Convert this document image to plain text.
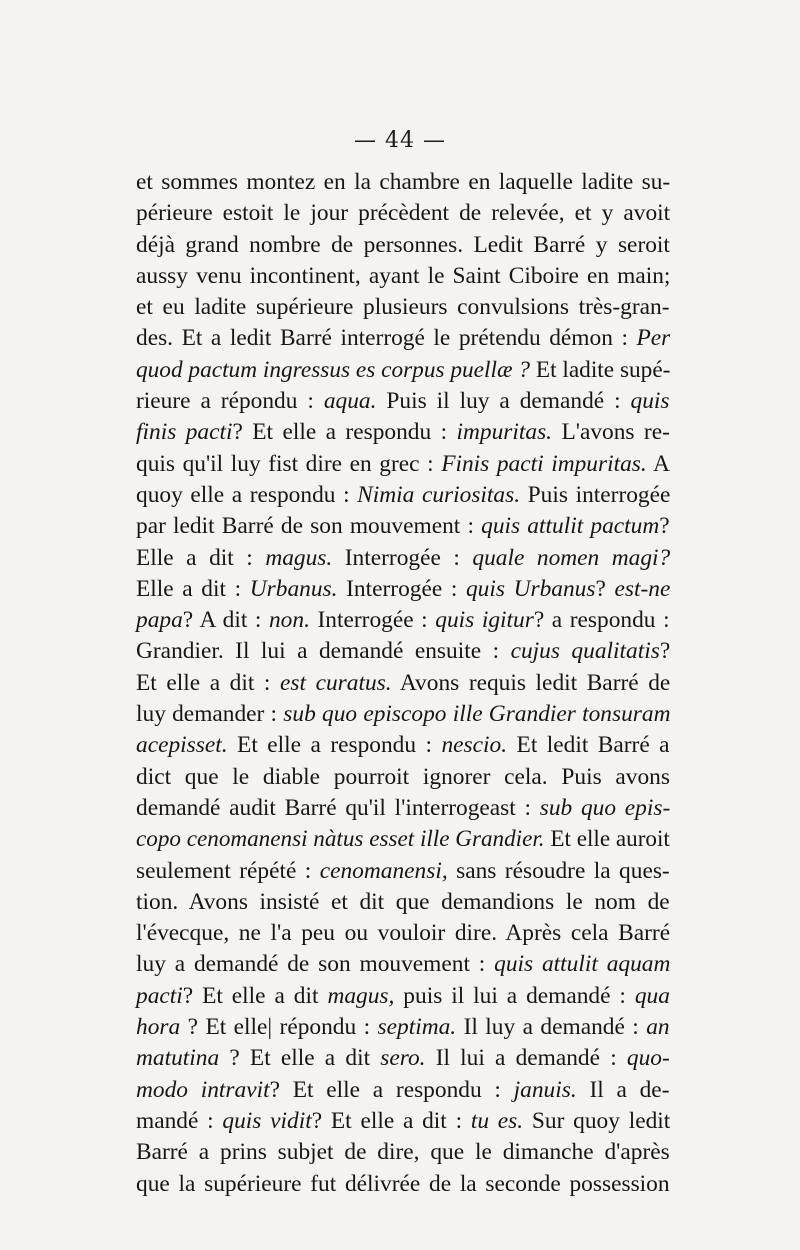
— 44 —
et sommes montez en la chambre en laquelle ladite su-
périeure estoit le jour précèdent de relevée, et y avoit
déjà grand nombre de personnes. Ledit Barré y seroit
aussy venu incontinent, ayant le Saint Ciboire en main;
et eu ladite supérieure plusieurs convulsions très-gran-
des. Et a ledit Barré interrogé le prétendu démon : Per
quod pactum ingressus es corpus puellæ ? Et ladite supé-
rieure a répondu : aqua. Puis il luy a demandé : quis
finis pacti? Et elle a respondu : impuritas. L'avons re-
quis qu'il luy fist dire en grec : Finis pacti impuritas. A
quoy elle a respondu : Nimia curiositas. Puis interrogée
par ledit Barré de son mouvement : quis attulit pactum?
Elle a dit : magus. Interrogée : quale nomen magi?
Elle a dit : Urbanus. Interrogée : quis Urbanus? est-ne
papa? A dit : non. Interrogée : quis igitur? a respondu :
Grandier. Il lui a demandé ensuite : cujus qualitatis?
Et elle a dit : est curatus. Avons requis ledit Barré de
luy demander : sub quo episcopo ille Grandier tonsuram
acepisset. Et elle a respondu : nescio. Et ledit Barré a
dict que le diable pourroit ignorer cela. Puis avons
demandé audit Barré qu'il l'interrogeast : sub quo epis-
copo cenomanensi nàtus esset ille Grandier. Et elle auroit
seulement répété : cenomanensi, sans résoudre la ques-
tion. Avons insisté et dit que demandions le nom de
l'évecque, ne l'a peu ou vouloir dire. Après cela Barré
luy a demandé de son mouvement : quis attulit aquam
pacti? Et elle a dit magus, puis il lui a demandé : qua
hora ? Et elle| répondu : septima. Il luy a demandé : an
matutina ? Et elle a dit sero. Il lui a demandé : quo-
modo intravit? Et elle a respondu : januis. Il a de-
mandé : quis vidit? Et elle a dit : tu es. Sur quoy ledit
Barré a prins subjet de dire, que le dimanche d'après
que la supérieure fut délivrée de la seconde possession
